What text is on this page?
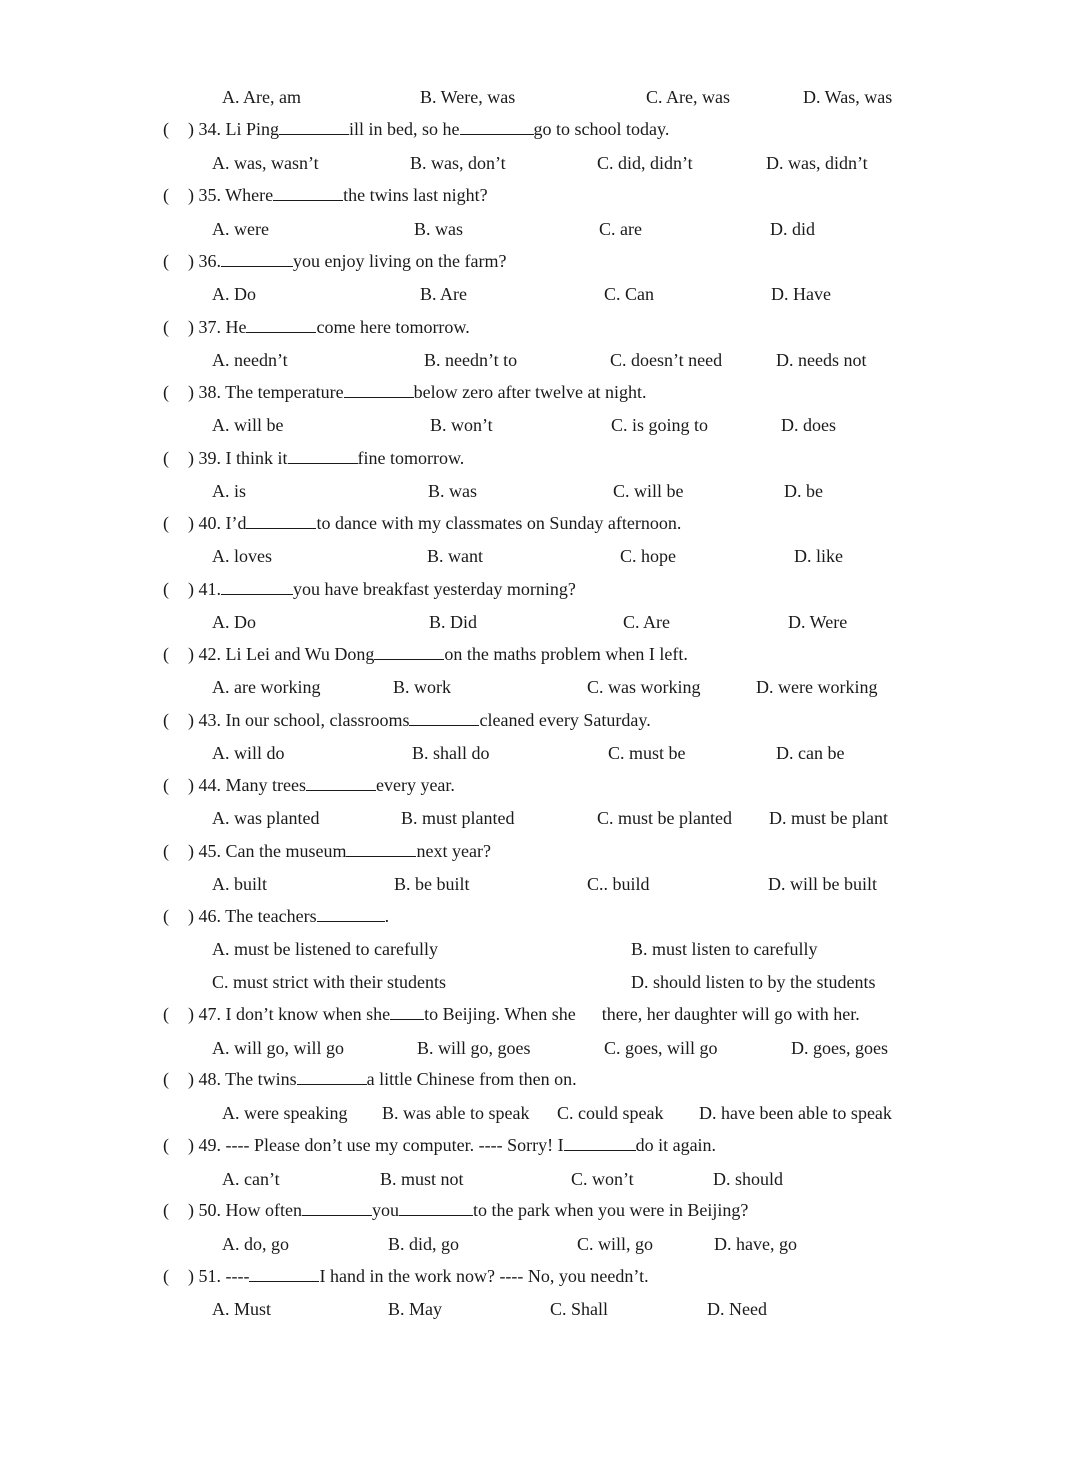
A. Are, am	B. Were, was	C. Are, was	D. Was, was
( ) 34. Li Ping	ill in bed, so he	go to school today.
A. was, wasn’t	B. was, don’t	C. did, didn’t	D. was, didn’t
( ) 35. Where	the twins last night?
A. were	B. was	C. are	D. did
( ) 36.	you enjoy living on the farm?
A. Do	B. Are	C. Can	D. Have
( ) 37. He	come here tomorrow.
A. needn’t	B. needn’t to	C. doesn’t need	D. needs not
( ) 38. The temperature	below zero after twelve at night.
A. will be	B. won’t	C. is going to	D. does
( ) 39. I think it	fine tomorrow.
A. is	B. was	C. will be	D. be
( ) 40. I’d	to dance with my classmates on Sunday afternoon.
A. loves	B. want	C. hope	D. like
( ) 41.	you have breakfast yesterday morning?
A. Do	B. Did	C. Are	D. Were
( ) 42. Li Lei and Wu Dong	on the maths problem when I left.
A. are working	B. work	C. was working	D. were working
( ) 43. In our school, classrooms	cleaned every Saturday.
A. will do	B. shall do	C. must be	D. can be
( ) 44. Many trees	every year.
A. was planted	B. must planted	C. must be planted D. must be plant
( ) 45. Can the museum	next year?
A. built	B. be built	C.. build	D. will be built
( ) 46. The teachers	.
A. must be listened to carefully	B. must listen to carefully
C. must strict with their students	D. should listen to by the students
( ) 47. I don’t know when she to Beijing. When she there, her daughter will go with her.
A. will go, will go	B. will go, goes	C. goes, will go	D. goes, goes
( ) 48. The twins	a little Chinese from then on.
A. were speaking B. was able to speak C. could speak D. have been able to speak
( ) 49. ---- Please don’t use my computer. ---- Sorry! I	do it again.
A. can’t	B. must not	C. won’t	D. should
( ) 50. How often	you	to the park when you were in Beijing?
A. do, go	B. did, go	C. will, go	D. have, go
( ) 51. ----	I hand in the work now? ---- No, you needn’t.
A. Must	B. May	C. Shall	D. Need
